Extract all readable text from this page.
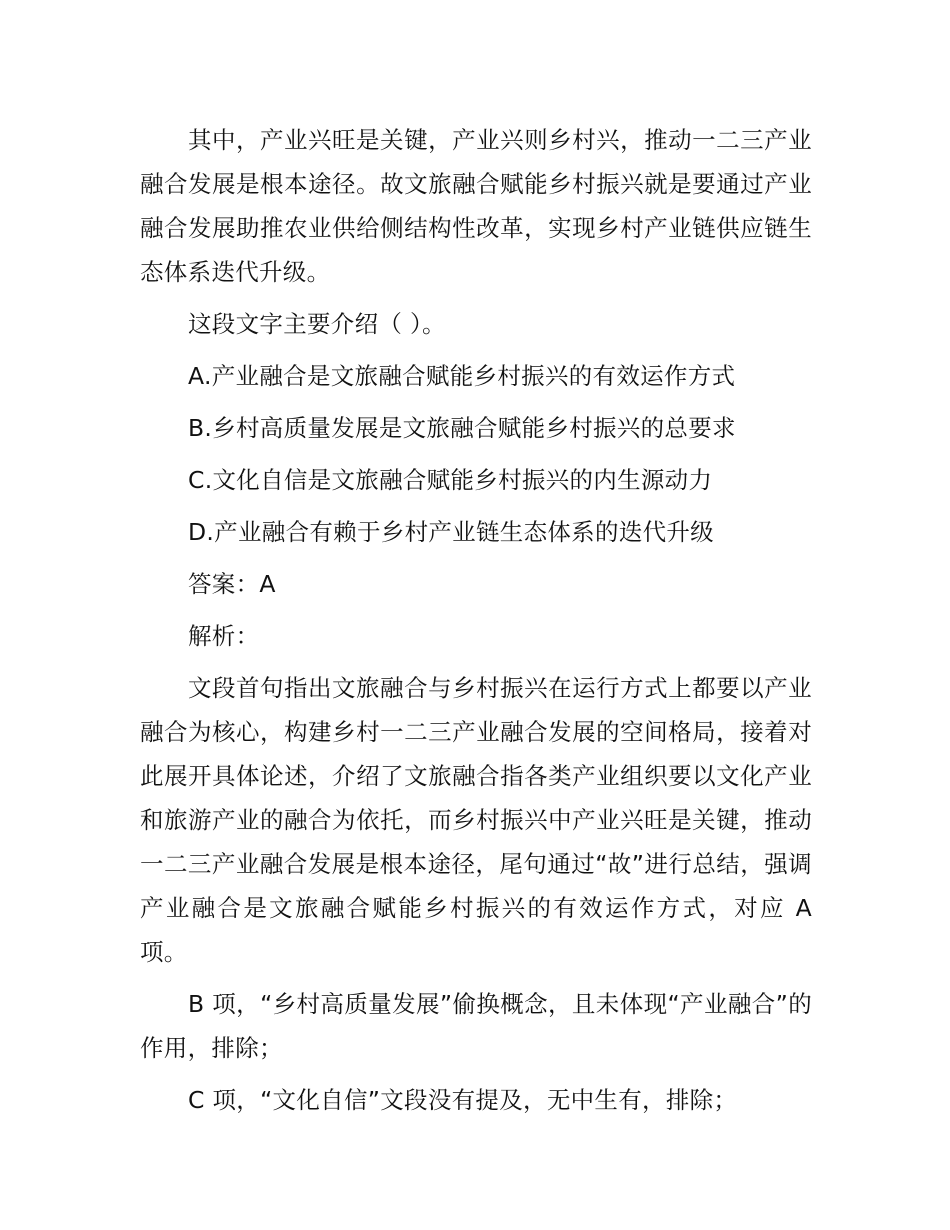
其中，产业兴旺是关键，产业兴则乡村兴，推动一二三产业融合发展是根本途径。故文旅融合赋能乡村振兴就是要通过产业融合发展助推农业供给侧结构性改革，实现乡村产业链供应链生态体系迭代升级。

这段文字主要介绍（ ）。

A.产业融合是文旅融合赋能乡村振兴的有效运作方式

B.乡村高质量发展是文旅融合赋能乡村振兴的总要求

C.文化自信是文旅融合赋能乡村振兴的内生源动力

D.产业融合有赖于乡村产业链生态体系的迭代升级

答案：A

解析：

文段首句指出文旅融合与乡村振兴在运行方式上都要以产业融合为核心，构建乡村一二三产业融合发展的空间格局，接着对此展开具体论述，介绍了文旅融合指各类产业组织要以文化产业和旅游产业的融合为依托，而乡村振兴中产业兴旺是关键，推动一二三产业融合发展是根本途径，尾句通过“故”进行总结，强调产业融合是文旅融合赋能乡村振兴的有效运作方式，对应 A 项。

B 项，“乡村高质量发展”偷换概念，且未体现“产业融合”的作用，排除；

C 项，“文化自信”文段没有提及，无中生有，排除；
